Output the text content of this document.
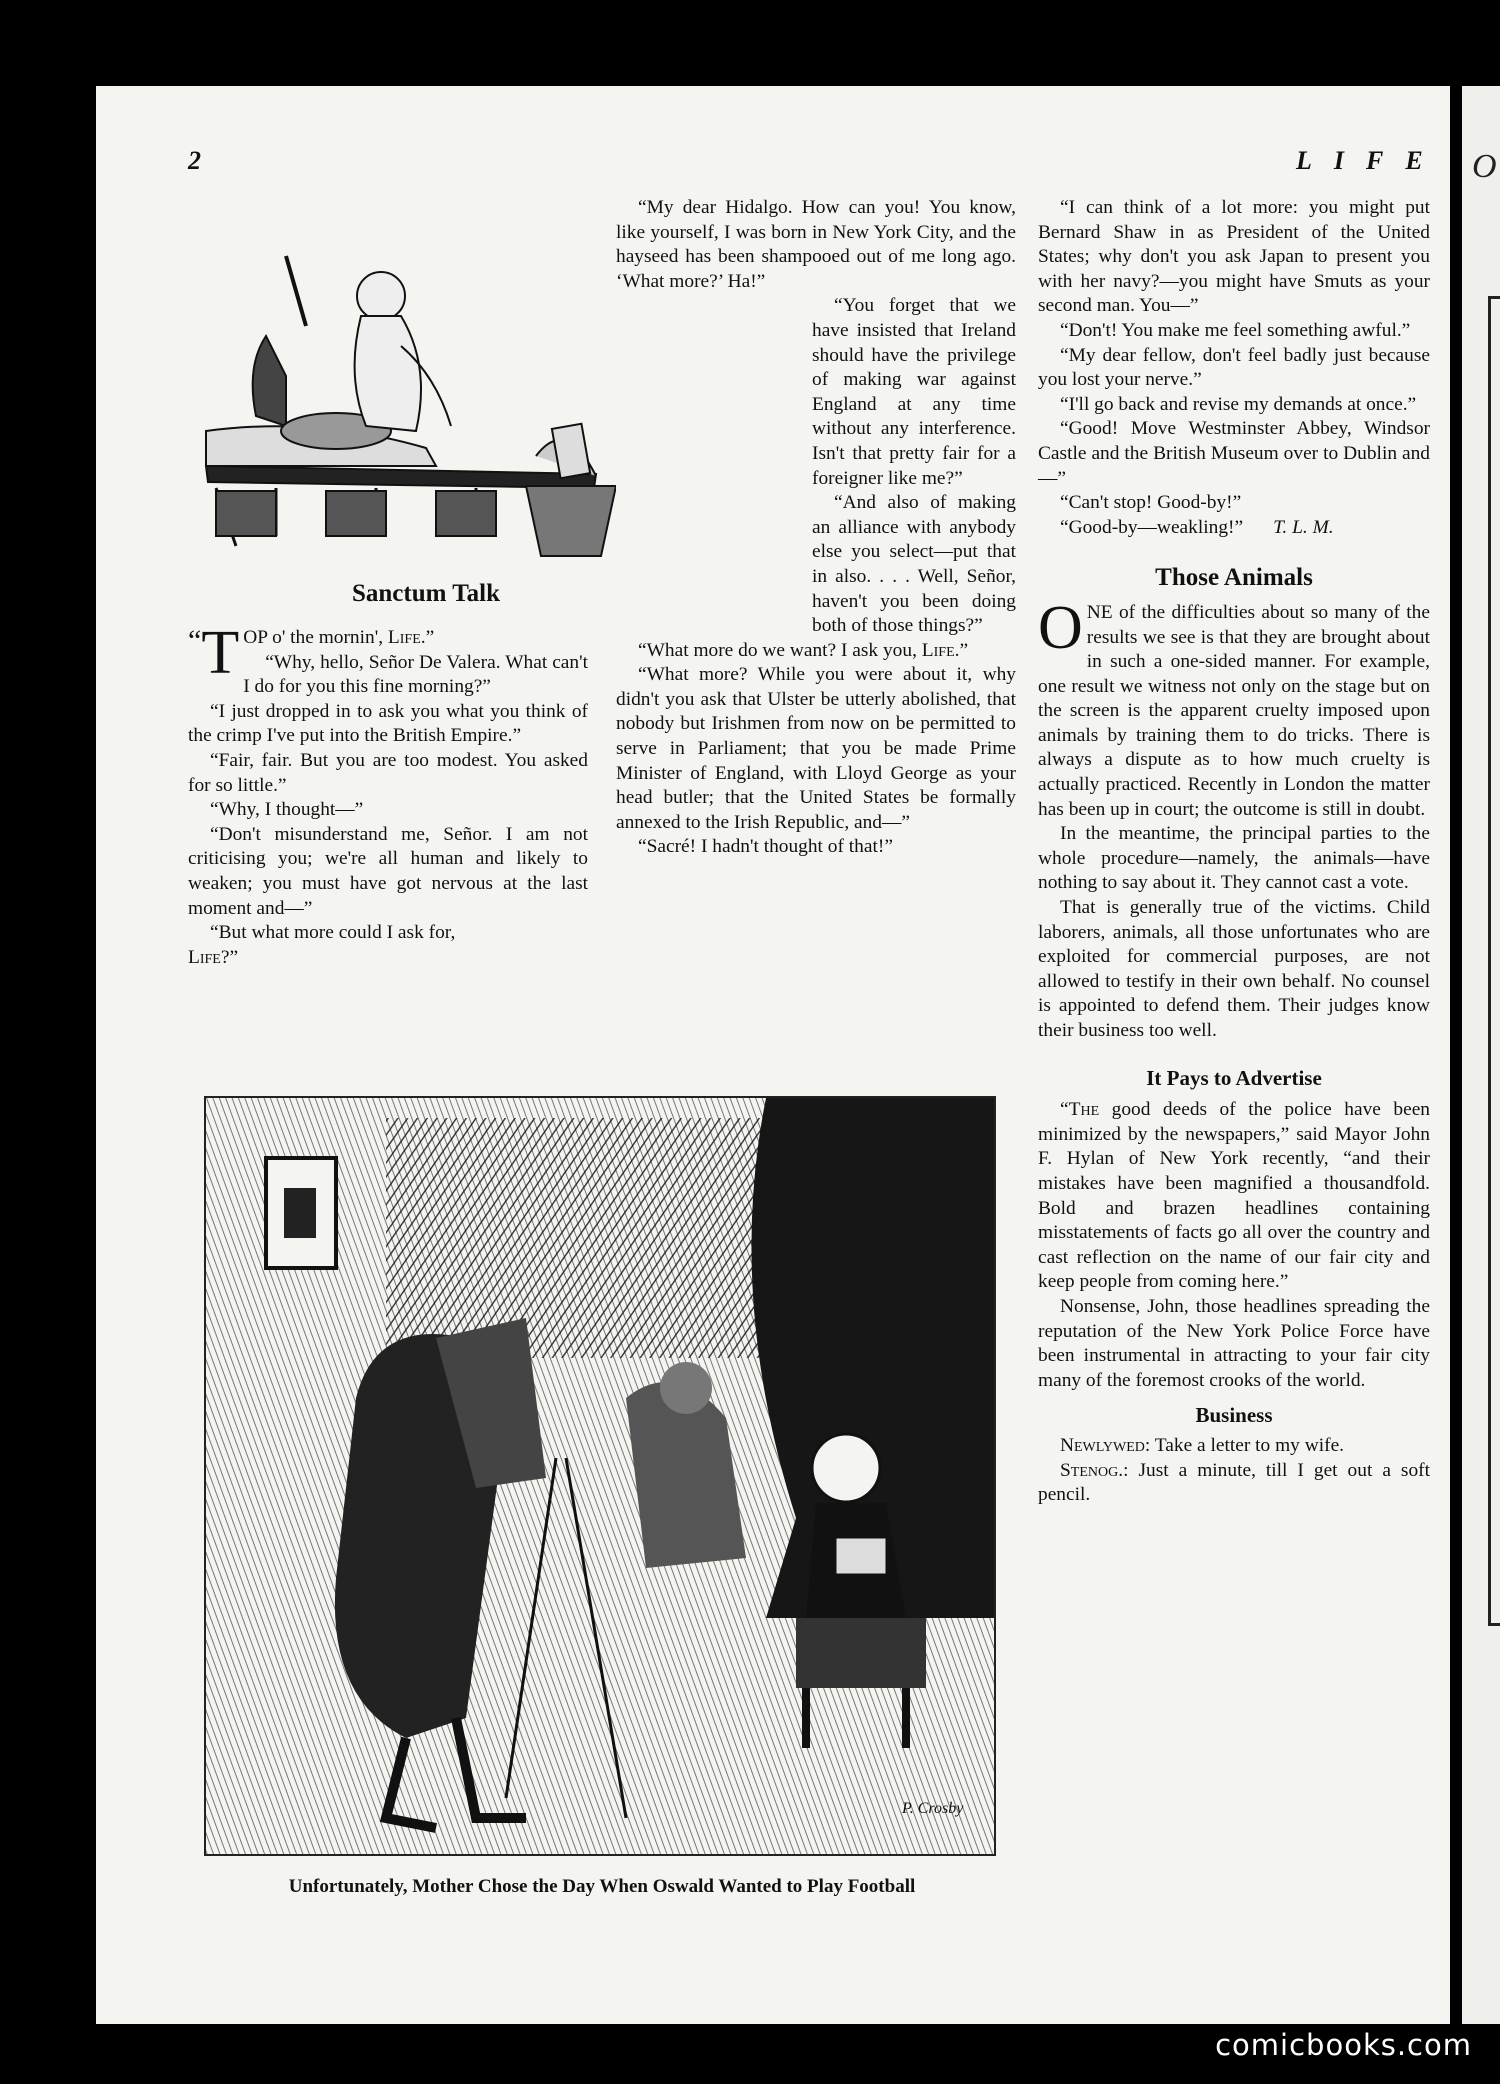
2	LIFE
Sanctum Talk

“ T OP o' the mornin', Life.”

“Why, hello, Señor De Valera. What can't I do for you this fine morning?”

“I just dropped in to ask you what you think of the crimp I've put into the British Empire.”

“Fair, fair. But you are too modest. You asked for so little.”

“Why, I thought—”

“Don't misunderstand me, Señor. I am not criticising you; we're all human and likely to weaken; you must have got nervous at the last moment and—”

“But what more could I ask for,
Life?”

“My dear Hidalgo. How can you! You know, like yourself, I was born in New York City, and the hayseed has been shampooed out of me long ago. ‘What more?’ Ha!”

“You forget that we have insisted that Ireland should have the privilege of making war against England at any time without any interference. Isn't that pretty fair for a foreigner like me?”

“And also of making an alliance with anybody else you select—put that in also. . . . Well, Señor, haven't you been doing both of those things?”

“What more do we want? I ask you, Life.”

“What more? While you were about it, why didn't you ask that Ulster be utterly abolished, that nobody but Irishmen from now on be permitted to serve in Parliament; that you be made Prime Minister of England, with Lloyd George as your head butler; that the United States be formally annexed to the Irish Republic, and—”

“Sacré! I hadn't thought of that!”

“I can think of a lot more: you might put Bernard Shaw in as President of the United States; why don't you ask Japan to present you with her navy?—you might have Smuts as your second man. You—”

“Don't! You make me feel something awful.”

“My dear fellow, don't feel badly just because you lost your nerve.”

“I'll go back and revise my demands at once.”

“Good! Move Westminster Abbey, Windsor Castle and the British Museum over to Dublin and—”

“Can't stop! Good-by!”

“Good-by—weakling!” T. L. M.

Those Animals

ONE of the difficulties about so many of the results we see is that they are brought about in such a one-sided manner. For example, one result we witness not only on the stage but on the screen is the apparent cruelty imposed upon animals by training them to do tricks. There is always a dispute as to how much cruelty is actually practiced. Recently in London the matter has been up in court; the outcome is still in doubt.

In the meantime, the principal parties to the whole procedure—namely, the animals—have nothing to say about it. They cannot cast a vote.

That is generally true of the victims. Child laborers, animals, all those unfortunates who are exploited for commercial purposes, are not allowed to testify in their own behalf. No counsel is appointed to defend them. Their judges know their business too well.

It Pays to Advertise

“The good deeds of the police have been minimized by the newspapers,” said Mayor John F. Hylan of New York recently, “and their mistakes have been magnified a thousandfold. Bold and brazen headlines containing misstatements of facts go all over the country and cast reflection on the name of our fair city and keep people from coming here.”

Nonsense, John, those headlines spreading the reputation of the New York Police Force have been instrumental in attracting to your fair city many of the foremost crooks of the world.

Business

Newlywed: Take a letter to my wife.

Stenog.: Just a minute, till I get out a soft pencil.

Unfortunately, Mother Chose the Day When Oswald Wanted to Play Football
P. Crosby
O
comicbooks.com
